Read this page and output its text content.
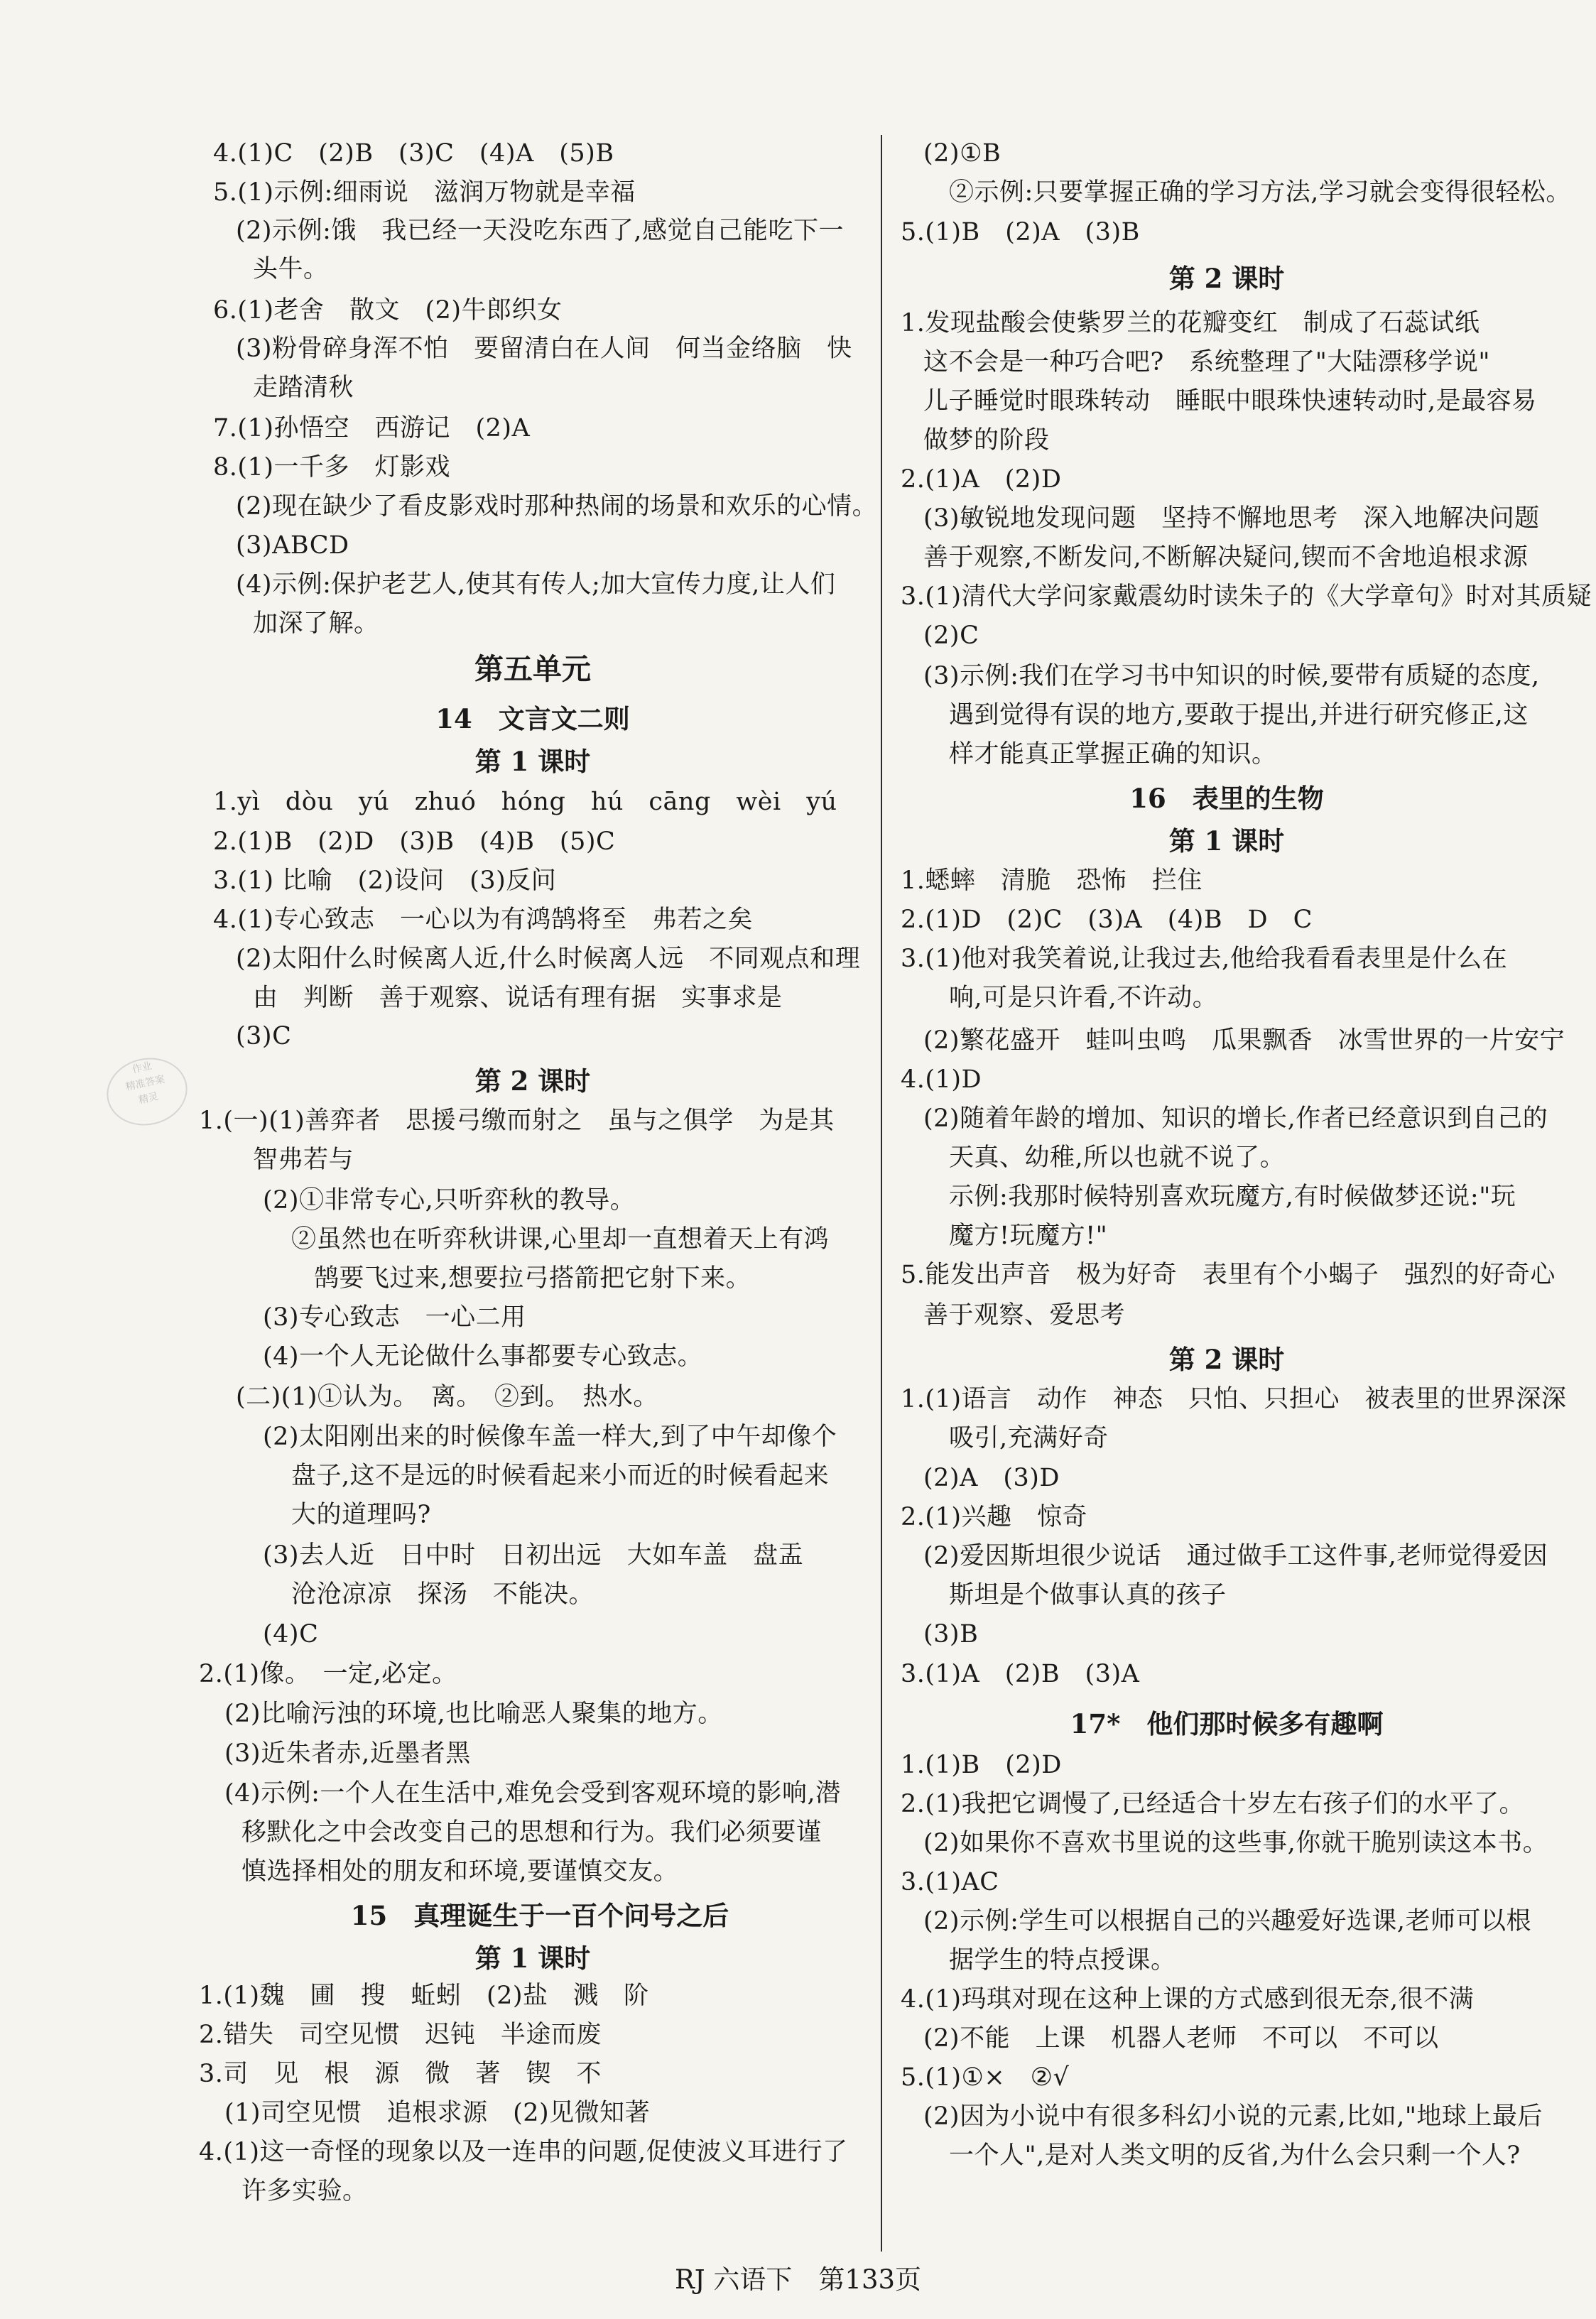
4.(1)C　(2)B　(3)C　(4)A　(5)B
5.(1)示例:细雨说　滋润万物就是幸福
(2)示例:饿　我已经一天没吃东西了,感觉自己能吃下一
头牛。
6.(1)老舍　散文　(2)牛郎织女
(3)粉骨碎身浑不怕　要留清白在人间　何当金络脑　快
走踏清秋
7.(1)孙悟空　西游记　(2)A
8.(1)一千多　灯影戏
(2)现在缺少了看皮影戏时那种热闹的场景和欢乐的心情。
(3)ABCD
(4)示例:保护老艺人,使其有传人;加大宣传力度,让人们
加深了解。
1.yì　dòu　yú　zhuó　hóng　hú　cāng　wèi　yú
2.(1)B　(2)D　(3)B　(4)B　(5)C
3.(1) 比喻　(2)设问　(3)反问
4.(1)专心致志　一心以为有鸿鹄将至　弗若之矣
(2)太阳什么时候离人近,什么时候离人远　不同观点和理
由　判断　善于观察、说话有理有据　实事求是
(3)C
1.(一)(1)善弈者　思援弓缴而射之　虽与之俱学　为是其
智弗若与
(2)①非常专心,只听弈秋的教导。
②虽然也在听弈秋讲课,心里却一直想着天上有鸿
鹄要飞过来,想要拉弓搭箭把它射下来。
(3)专心致志　一心二用
(4)一个人无论做什么事都要专心致志。
(二)(1)①认为。　离。　②到。　热水。
(2)太阳刚出来的时候像车盖一样大,到了中午却像个
盘子,这不是远的时候看起来小而近的时候看起来
大的道理吗?
(3)去人近　日中时　日初出远　大如车盖　盘盂
沧沧凉凉　探汤　不能决。
(4)C
2.(1)像。　一定,必定。
(2)比喻污浊的环境,也比喻恶人聚集的地方。
(3)近朱者赤,近墨者黑
(4)示例:一个人在生活中,难免会受到客观环境的影响,潜
移默化之中会改变自己的思想和行为。我们必须要谨
慎选择相处的朋友和环境,要谨慎交友。
1.(1)魏　圃　搜　蚯蚓　(2)盐　溅　阶
2.错失　司空见惯　迟钝　半途而废
3.司　见　根　源　微　著　锲　不
(1)司空见惯　追根求源　(2)见微知著
4.(1)这一奇怪的现象以及一连串的问题,促使波义耳进行了
许多实验。
第五单元
14　文言文二则
第 1 课时
第 2 课时
15　真理诞生于一百个问号之后
第 1 课时
(2)①B
②示例:只要掌握正确的学习方法,学习就会变得很轻松。
5.(1)B　(2)A　(3)B
1.发现盐酸会使紫罗兰的花瓣变红　制成了石蕊试纸
这不会是一种巧合吧?　系统整理了"大陆漂移学说"
儿子睡觉时眼珠转动　睡眠中眼珠快速转动时,是最容易
做梦的阶段
2.(1)A　(2)D
(3)敏锐地发现问题　坚持不懈地思考　深入地解决问题
善于观察,不断发问,不断解决疑问,锲而不舍地追根求源
3.(1)清代大学问家戴震幼时读朱子的《大学章句》时对其质疑
(2)C
(3)示例:我们在学习书中知识的时候,要带有质疑的态度,
遇到觉得有误的地方,要敢于提出,并进行研究修正,这
样才能真正掌握正确的知识。
1.蟋蟀　清脆　恐怖　拦住
2.(1)D　(2)C　(3)A　(4)B　D　C
3.(1)他对我笑着说,让我过去,他给我看看表里是什么在
响,可是只许看,不许动。
(2)繁花盛开　蛙叫虫鸣　瓜果飘香　冰雪世界的一片安宁
4.(1)D
(2)随着年龄的增加、知识的增长,作者已经意识到自己的
天真、幼稚,所以也就不说了。
示例:我那时候特别喜欢玩魔方,有时候做梦还说:"玩
魔方!玩魔方!"
5.能发出声音　极为好奇　表里有个小蝎子　强烈的好奇心
善于观察、爱思考
1.(1)语言　动作　神态　只怕、只担心　被表里的世界深深
吸引,充满好奇
(2)A　(3)D
2.(1)兴趣　惊奇
(2)爱因斯坦很少说话　通过做手工这件事,老师觉得爱因
斯坦是个做事认真的孩子
(3)B
3.(1)A　(2)B　(3)A
1.(1)B　(2)D
2.(1)我把它调慢了,已经适合十岁左右孩子们的水平了。
(2)如果你不喜欢书里说的这些事,你就干脆别读这本书。
3.(1)AC
(2)示例:学生可以根据自己的兴趣爱好选课,老师可以根
据学生的特点授课。
4.(1)玛琪对现在这种上课的方式感到很无奈,很不满
(2)不能　上课　机器人老师　不可以　不可以
5.(1)①×　②√
(2)因为小说中有很多科幻小说的元素,比如,"地球上最后
一个人",是对人类文明的反省,为什么会只剩一个人?
第 2 课时
16　表里的生物
第 1 课时
第 2 课时
17*　他们那时候多有趣啊
作业
精准答案
精灵
RJ 六语下　第133页
